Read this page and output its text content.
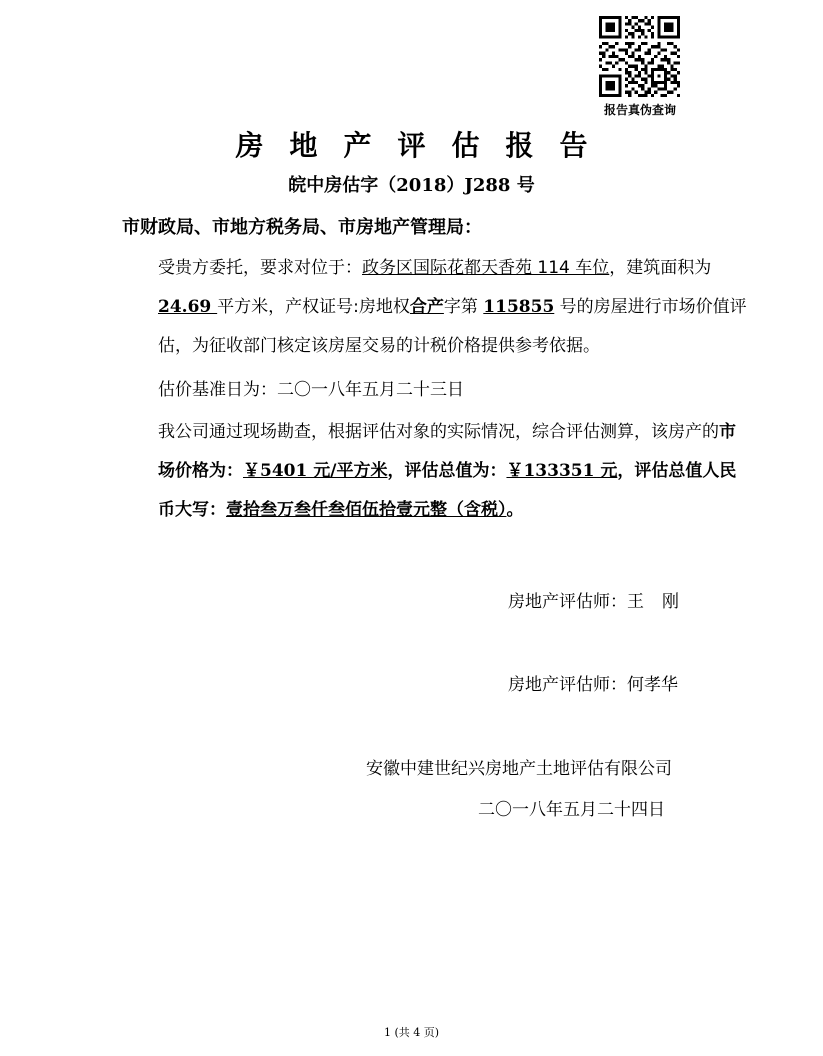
报告真伪查询
房地产评估报告
皖中房估字（2018）J288 号
市财政局、市地方税务局、市房地产管理局：
受贵方委托，要求对位于：政务区国际花都天香苑 114 车位，建筑面积为 24.69 平方米，产权证号:房地权合产字第 115855 号的房屋进行市场价值评估，为征收部门核定该房屋交易的计税价格提供参考依据。
估价基准日为：二〇一八年五月二十三日
我公司通过现场勘查，根据评估对象的实际情况，综合评估测算，该房产的市场价格为：￥5401 元/平方米，评估总值为：￥133351 元，评估总值人民币大写：壹拾叁万叁仟叁佰伍拾壹元整（含税）。
房地产评估师：王 刚
房地产评估师：何孝华
安徽中建世纪兴房地产土地评估有限公司
二〇一八年五月二十四日
1 (共 4 页)
